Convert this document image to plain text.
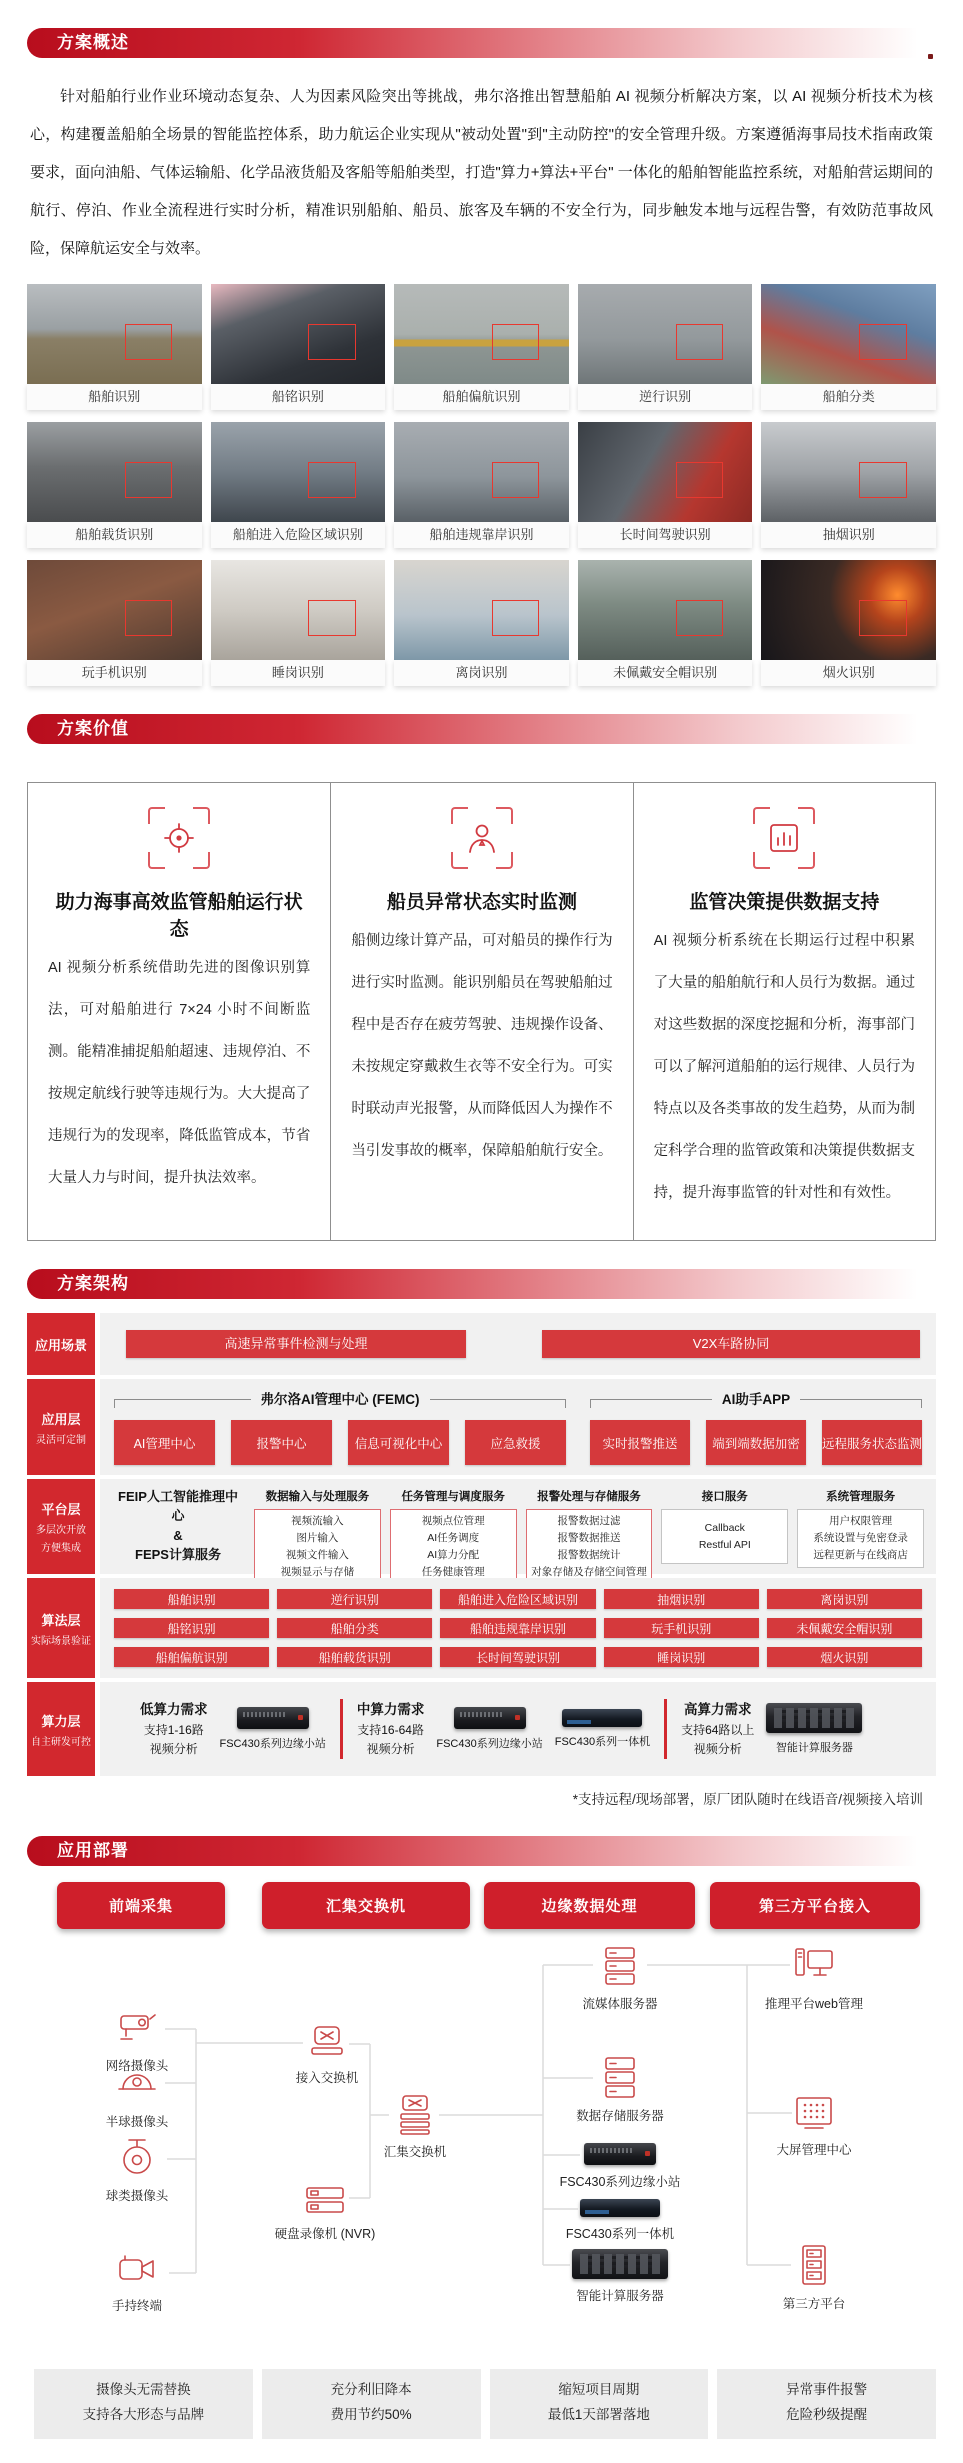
方案概述
针对船舶行业作业环境动态复杂、人为因素风险突出等挑战，弗尔洛推出智慧船舶 AI 视频分析解决方案，以 AI 视频分析技术为核心，构建覆盖船舶全场景的智能监控体系，助力航运企业实现从"被动处置"到"主动防控"的安全管理升级。方案遵循海事局技术指南政策要求，面向油船、气体运输船、化学品液货船及客船等船舶类型，打造"算力+算法+平台" 一体化的船舶智能监控系统，对船舶营运期间的航行、停泊、作业全流程进行实时分析，精准识别船舶、船员、旅客及车辆的不安全行为，同步触发本地与远程告警，有效防范事故风险，保障航运安全与效率。
船舶识别	船铭识别	船舶偏航识别	逆行识别	船舶分类
船舶载货识别	船舶进入危险区域识别	船舶违规靠岸识别	长时间驾驶识别	抽烟识别
玩手机识别	睡岗识别	离岗识别	未佩戴安全帽识别	烟火识别
方案价值
助力海事高效监管船舶运行状态
AI 视频分析系统借助先进的图像识别算法，可对船舶进行 7×24 小时不间断监测。能精准捕捉船舶超速、违规停泊、不按规定航线行驶等违规行为。大大提高了违规行为的发现率，降低监管成本，节省大量人力与时间，提升执法效率。
船员异常状态实时监测
船侧边缘计算产品，可对船员的操作行为进行实时监测。能识别船员在驾驶船舶过程中是否存在疲劳驾驶、违规操作设备、未按规定穿戴救生衣等不安全行为。可实时联动声光报警，从而降低因人为操作不当引发事故的概率，保障船舶航行安全。
监管决策提供数据支持
AI 视频分析系统在长期运行过程中积累了大量的船舶航行和人员行为数据。通过对这些数据的深度挖掘和分析，海事部门可以了解河道船舶的运行规律、人员行为特点以及各类事故的发生趋势，从而为制定科学合理的监管政策和决策提供数据支持，提升海事监管的针对性和有效性。
方案架构
应用场景	高速异常事件检测与处理	V2X车路协同
应用层
灵活可定制
弗尔洛AI管理中心 (FEMC)
AI管理中心	报警中心	信息可视化中心	应急救援
AI助手APP
实时报警推送	端到端数据加密	远程服务状态监测
平台层
多层次开放
方便集成
FEIP人工智能推理中心
&
FEPS计算服务
数据输入与处理服务
视频流输入
图片输入
视频文件输入
视频显示与存储
任务管理与调度服务
视频点位管理
AI任务调度
AI算力分配
任务健康管理
报警处理与存储服务
报警数据过滤
报警数据推送
报警数据统计
对象存储及存储空间管理
接口服务
Callback
Restful API
系统管理服务
用户权限管理
系统设置与免密登录
远程更新与在线商店
算法层
实际场景验证
船舶识别	逆行识别	船舶进入危险区域识别	抽烟识别	离岗识别
船铭识别	船舶分类	船舶违规靠岸识别	玩手机识别	未佩戴安全帽识别
船舶偏航识别	船舶载货识别	长时间驾驶识别	睡岗识别	烟火识别
算力层
自主研发可控
低算力需求
支持1-16路
视频分析	FSC430系列边缘小站
中算力需求
支持16-64路
视频分析	FSC430系列边缘小站 FSC430系列一体机
高算力需求
支持64路以上
视频分析	智能计算服务器
*支持远程/现场部署，原厂团队随时在线语音/视频接入培训
应用部署
前端采集	汇集交换机	边缘数据处理	第三方平台接入
网络摄像头
半球摄像头
球类摄像头
手持终端
接入交换机
汇集交换机
硬盘录像机 (NVR)
流媒体服务器
数据存储服务器
FSC430系列边缘小站
FSC430系列一体机
智能计算服务器
推理平台web管理
大屏管理中心
第三方平台
摄像头无需替换
支持各大形态与品牌
充分利旧降本
费用节约50%
缩短项目周期
最低1天部署落地
异常事件报警
危险秒级提醒
